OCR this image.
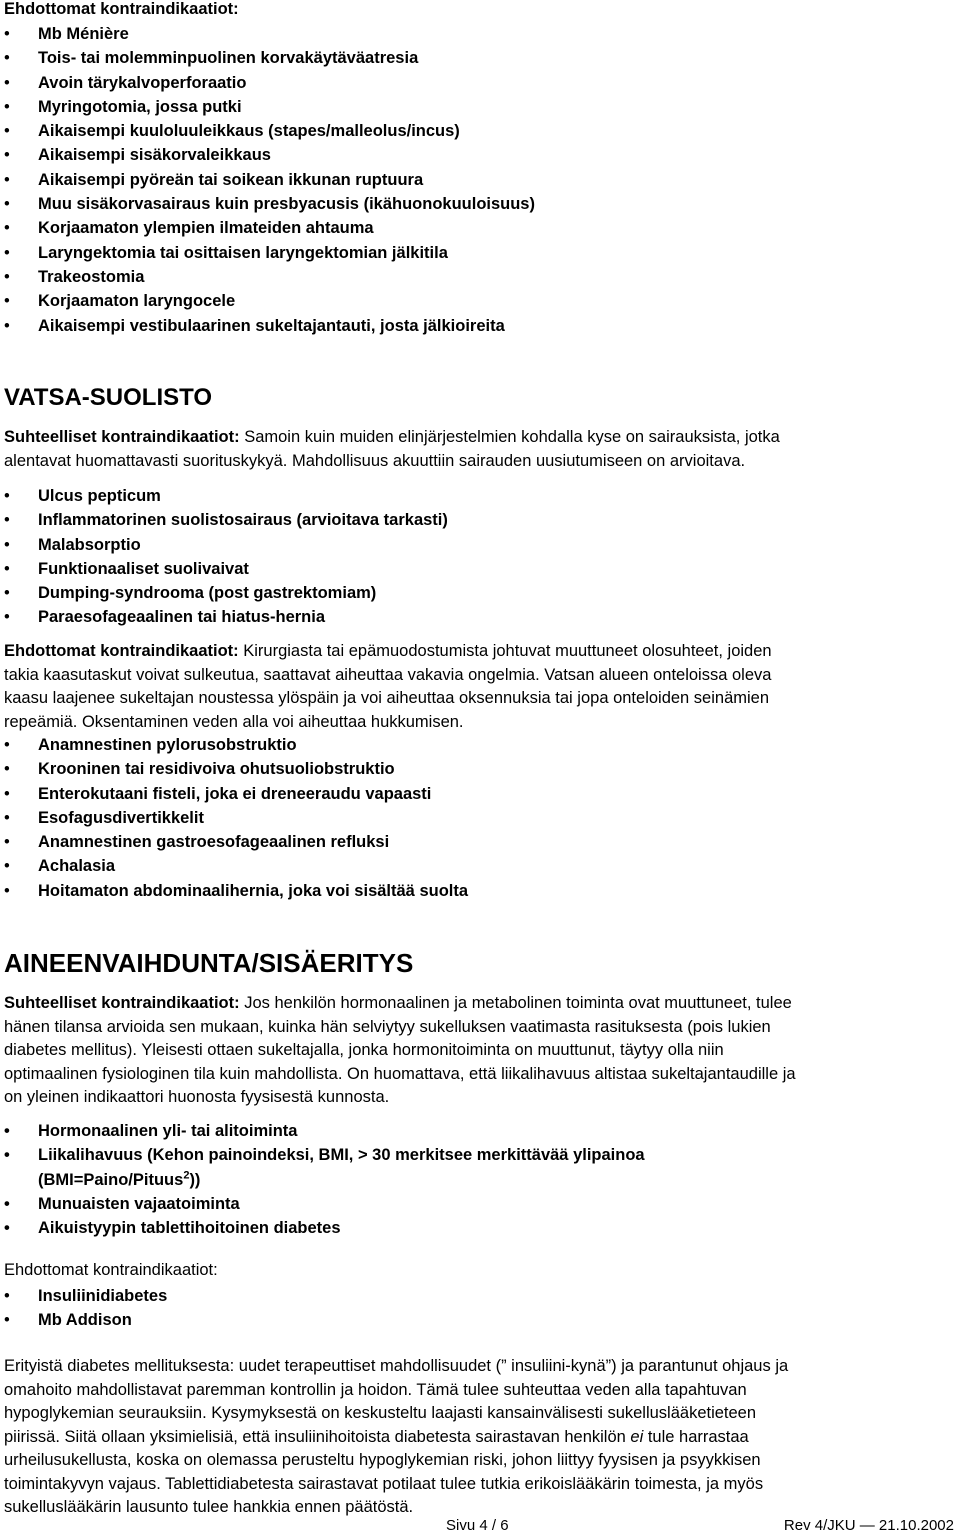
Ehdottomat kontraindikaatiot:
• Mb Ménière
• Tois- tai molemminpuolinen korvakäytäväatresia
• Avoin tärykalvoperforaatio
• Myringotomia, jossa putki
• Aikaisempi kuuloluuleikkaus (stapes/malleolus/incus)
• Aikaisempi sisäkorvaleikkaus
• Aikaisempi pyöreän tai soikean ikkunan ruptuura
• Muu sisäkorvasairaus kuin presbyacusis (ikähuonokuuloisuus)
• Korjaamaton ylempien ilmateiden ahtauma
• Laryngektomia tai osittaisen laryngektomian jälkitila
• Trakeostomia
• Korjaamaton laryngocele
• Aikaisempi vestibulaarinen sukeltajantauti, josta jälkioireita
VATSA-SUOLISTO
Suhteelliset kontraindikaatiot: Samoin kuin muiden elinjärjestelmien kohdalla kyse on sairauksista, jotka
alentavat huomattavasti suorituskykyä. Mahdollisuus akuuttiin sairauden uusiutumiseen on arvioitava.
• Ulcus pepticum
• Inflammatorinen suolistosairaus (arvioitava tarkasti)
• Malabsorptio
• Funktionaaliset suolivaivat
• Dumping-syndrooma (post gastrektomiam)
• Paraesofageaalinen tai hiatus-hernia
Ehdottomat kontraindikaatiot: Kirurgiasta tai epämuodostumista johtuvat muuttuneet olosuhteet, joiden
takia kaasutaskut voivat sulkeutua, saattavat aiheuttaa vakavia ongelmia. Vatsan alueen onteloissa oleva
kaasu laajenee sukeltajan noustessa ylöspäin ja voi aiheuttaa oksennuksia tai jopa onteloiden seinämien
repeämiä. Oksentaminen veden alla voi aiheuttaa hukkumisen.
• Anamnestinen pylorusobstruktio
• Krooninen tai residivoiva ohutsuoliobstruktio
• Enterokutaani fisteli, joka ei dreneeraudu vapaasti
• Esofagusdivertikkelit
• Anamnestinen gastroesofageaalinen refluksi
• Achalasia
• Hoitamaton abdominaalihernia, joka voi sisältää suolta
AINEENVAIHDUNTA/SISÄERITYS
Suhteelliset kontraindikaatiot: Jos henkilön hormonaalinen ja metabolinen toiminta ovat muuttuneet, tulee
hänen tilansa arvioida sen mukaan, kuinka hän selviytyy sukelluksen vaatimasta rasituksesta (pois lukien
diabetes mellitus). Yleisesti ottaen sukeltajalla, jonka hormonitoiminta on muuttunut, täytyy olla niin
optimaalinen fysiologinen tila kuin mahdollista. On huomattava, että liikalihavuus altistaa sukeltajantaudille ja
on yleinen indikaattori huonosta fyysisestä kunnosta.
• Hormonaalinen yli- tai alitoiminta
• Liikalihavuus (Kehon painoindeksi, BMI, > 30 merkitsee merkittävää ylipainoa
(BMI=Paino/Pituus$^2$))
• Munuaisten vajaatoiminta
• Aikuistyypin tablettihoitoinen diabetes
Ehdottomat kontraindikaatiot:
• Insuliinidiabetes
• Mb Addison
Erityistä diabetes mellituksesta: uudet terapeuttiset mahdollisuudet (” insuliini-kynä”) ja parantunut ohjaus ja
omahoito mahdollistavat paremman kontrollin ja hoidon. Tämä tulee suhteuttaa veden alla tapahtuvan
hypoglykemian seurauksiin. Kysymyksestä on keskusteltu laajasti kansainvälisesti sukelluslääketieteen
piirissä. Siitä ollaan yksimielisiä, että insuliinihoitoista diabetesta sairastavan henkilön ei tule harrastaa
urheilusukellusta, koska on olemassa perusteltu hypoglykemian riski, johon liittyy fyysisen ja psyykkisen
toimintakyvyn vajaus. Tablettidiabetesta sairastavat potilaat tulee tutkia erikoislääkärin toimesta, ja myös
sukelluslääkärin lausunto tulee hankkia ennen päätöstä.
Sivu 4 / 6	Rev 4/JKU — 21.10.2002
